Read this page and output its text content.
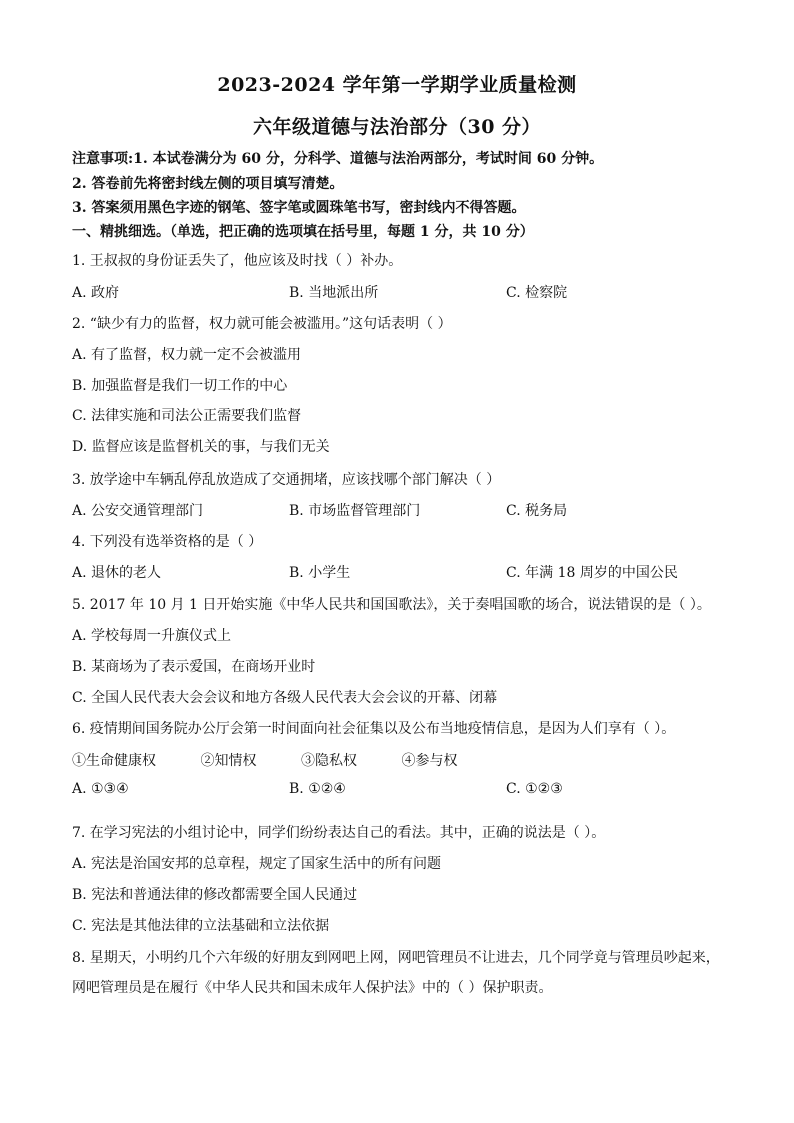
2023-2024 学年第一学期学业质量检测
六年级道德与法治部分（30 分）
注意事项:1. 本试卷满分为 60 分，分科学、道德与法治两部分，考试时间 60 分钟。
2. 答卷前先将密封线左侧的项目填写清楚。
3. 答案须用黑色字迹的钢笔、签字笔或圆珠笔书写，密封线内不得答题。
一、精挑细选。（单选，把正确的选项填在括号里，每题 1 分，共 10 分）
1. 王叔叔的身份证丢失了，他应该及时找（ ）补办。
A. 政府	B. 当地派出所	C. 检察院
2. “缺少有力的监督，权力就可能会被滥用。”这句话表明（ ）
A. 有了监督，权力就一定不会被滥用
B. 加强监督是我们一切工作的中心
C. 法律实施和司法公正需要我们监督
D. 监督应该是监督机关的事，与我们无关
3. 放学途中车辆乱停乱放造成了交通拥堵，应该找哪个部门解决（ ）
A. 公安交通管理部门	B. 市场监督管理部门	C. 税务局
4. 下列没有选举资格的是（ ）
A. 退休的老人	B. 小学生	C. 年满 18 周岁的中国公民
5. 2017 年 10 月 1 日开始实施《中华人民共和国国歌法》，关于奏唱国歌的场合，说法错误的是（ ）。
A. 学校每周一升旗仪式上
B. 某商场为了表示爱国，在商场开业时
C. 全国人民代表大会会议和地方各级人民代表大会会议的开幕、闭幕
6. 疫情期间国务院办公厅会第一时间面向社会征集以及公布当地疫情信息，是因为人们享有（ ）。
①生命健康权          ②知情权          ③隐私权          ④参与权
A. ①③④	B. ①②④	C. ①②③
7. 在学习宪法的小组讨论中，同学们纷纷表达自己的看法。其中，正确的说法是（ ）。
A. 宪法是治国安邦的总章程，规定了国家生活中的所有问题
B. 宪法和普通法律的修改都需要全国人民通过
C. 宪法是其他法律的立法基础和立法依据
8. 星期天，小明约几个六年级的好朋友到网吧上网，网吧管理员不让进去，几个同学竟与管理员吵起来，
网吧管理员是在履行《中华人民共和国未成年人保护法》中的（ ）保护职责。
